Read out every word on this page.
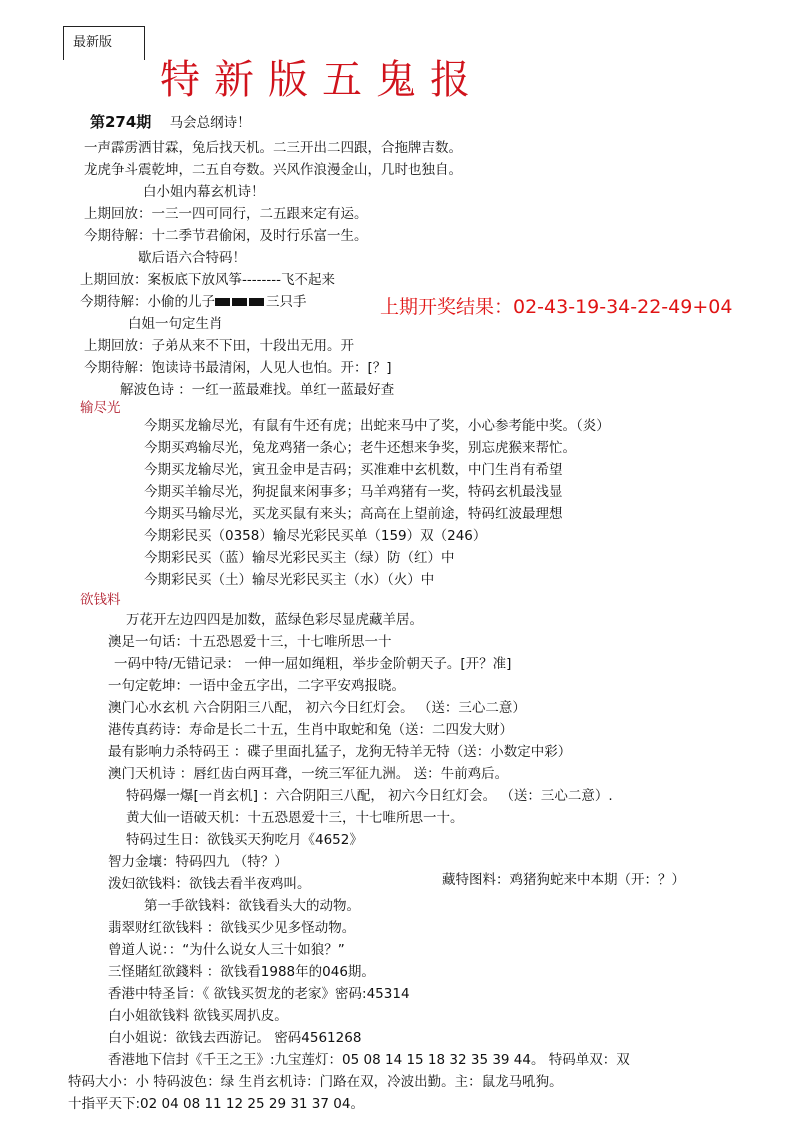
最新版
特新版五鬼报
第274期 马会总纲诗！
一声霹雳洒甘霖，兔后找天机。二三开出二四跟，合拖牌吉数。
龙虎争斗震乾坤，二五自夸数。兴风作浪漫金山，几时也独自。
白小姐内幕玄机诗！
上期回放：一三一四可同行，二五跟来定有运。
今期待解：十二季节君偷闲，及时行乐富一生。
歇后语六合特码！
上期回放：案板底下放风筝--------飞不起来
白姐一句定生肖
上期回放：子弟从来不下田，十段出无用。开
今期待解：饱读诗书最清闲，人见人也怕。开：[？]
解波色诗 ：一红一蓝最难找。单红一蓝最好查
今期待解：小偷的儿子	三只手	上期开奖结果：02-43-19-34-22-49+04
输尽光
今期买龙输尽光，有鼠有牛还有虎；出蛇来马中了奖，小心参考能中奖。（炎）
今期买鸡输尽光，兔龙鸡猪一条心；老牛还想来争奖，别忘虎猴来帮忙。
今期买龙输尽光，寅丑金申是吉码；买准难中玄机数，中门生肖有希望
今期买羊输尽光，狗捉鼠来闲事多；马羊鸡猪有一奖，特码玄机最浅显
今期买马输尽光，买龙买鼠有来头；高高在上望前途，特码红波最理想
今期彩民买（0358）输尽光彩民买单（159）双（246）
今期彩民买（蓝）输尽光彩民买主（绿）防（红）中
今期彩民买（土）输尽光彩民买主（水）（火）中
欲钱料
万花开左边四四是加数，蓝绿色彩尽显虎藏羊居。
澳足一句话：十五恐恩爱十三，十七唯所思一十
一码中特/无错记录： 一伸一屈如绳粗，举步金阶朝天子。[开？准]
一句定乾坤：一语中金五字出，二字平安鸡报晓。
澳门心水玄机 六合阴阳三八配， 初六今日红灯会。 （送：三心二意）
港传真药诗：寿命是长二十五，生肖中取蛇和兔（送：二四发大财）
最有影响力杀特码王 ：碟子里面扎猛子，龙狗无特羊无特（送：小数定中彩）
澳门天机诗 ：唇红齿白两耳聋，一统三军征九洲。 送：牛前鸡后。
特码爆一爆[一肖玄机] ：六合阴阳三八配， 初六今日红灯会。 （送：三心二意）.
黄大仙一语破天机：十五恐恩爱十三，十七唯所思一十。
特码过生日：欲钱买天狗吃月《4652》
智力金壤：特码四九 （特？）
泼妇欲钱料：欲钱去看半夜鸡叫。
第一手欲钱料：欲钱看头大的动物。
翡翠财红欲钱料 ：欲钱买少见多怪动物。
曾道人说：：“为什么说女人三十如狼？”
三怪賭紅欲錢料 ：欲钱看1988年的046期。
香港中特圣旨：《 欲钱买贺龙的老家》密码:45314
白小姐欲钱料 欲钱买周扒皮。
白小姐说：欲钱去西游记。 密码4561268
香港地下信封《千王之王》:九宝莲灯：05 08 14 15 18 32 35 39 44。 特码单双：双
特码大小：小 特码波色：绿 生肖玄机诗：门路在双，冷波出勤。主：鼠龙马吼狗。
十指平天下:02 04 08 11 12 25 29 31 37 04。
藏特图料：鸡猪狗蛇来中本期（开：？）
